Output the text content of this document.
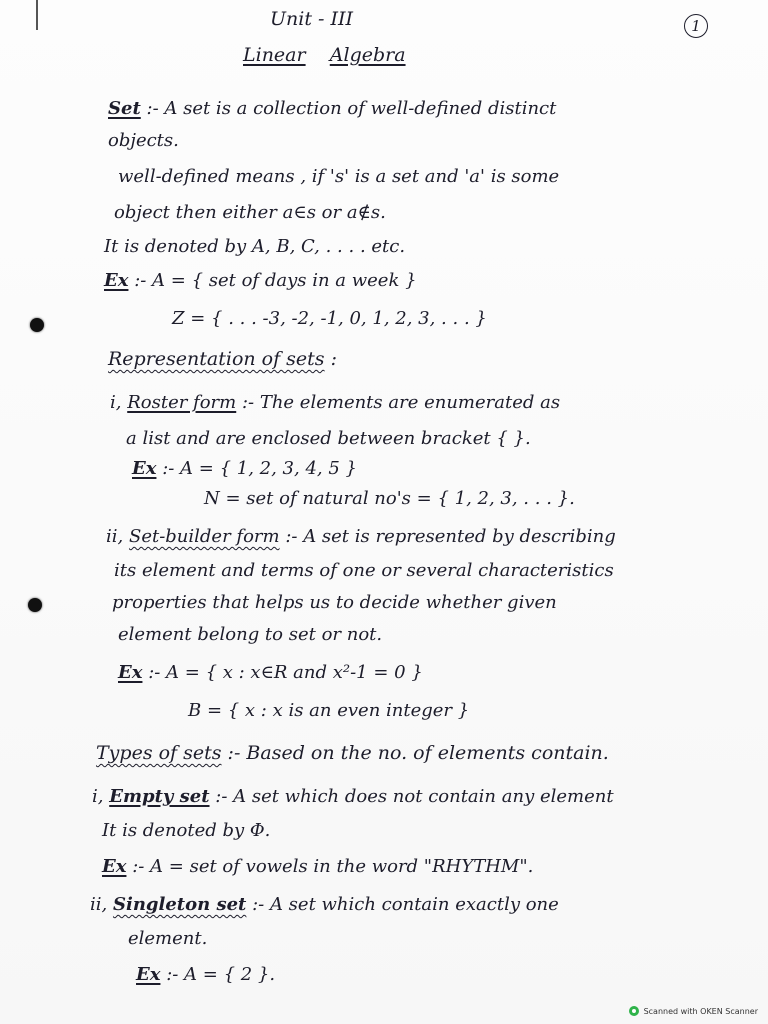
Unit - III	1
Linear Algebra
Set :- A set is a collection of well-defined distinct
objects.
well-defined means , if 's' is a set and 'a' is some
object then either a∈s or a∉s.
It is denoted by A, B, C, . . . . etc.
Ex :- A = { set of days in a week }
Z = { . . . -3, -2, -1, 0, 1, 2, 3, . . . }
Representation of sets :
i, Roster form :- The elements are enumerated as
a list and are enclosed between bracket { }.
Ex :- A = { 1, 2, 3, 4, 5 }
N = set of natural no's = { 1, 2, 3, . . . }.
ii, Set-builder form :- A set is represented by describing
its element and terms of one or several characteristics
properties that helps us to decide whether given
element belong to set or not.
Ex :- A = { x : x∈R and x²-1 = 0 }
B = { x : x is an even integer }
Types of sets :- Based on the no. of elements contain.
i, Empty set :- A set which does not contain any element
It is denoted by Φ.
Ex :- A = set of vowels in the word "RHYTHM".
ii, Singleton set :- A set which contain exactly one
element.
Ex :- A = { 2 }.
Scanned with OKEN Scanner
